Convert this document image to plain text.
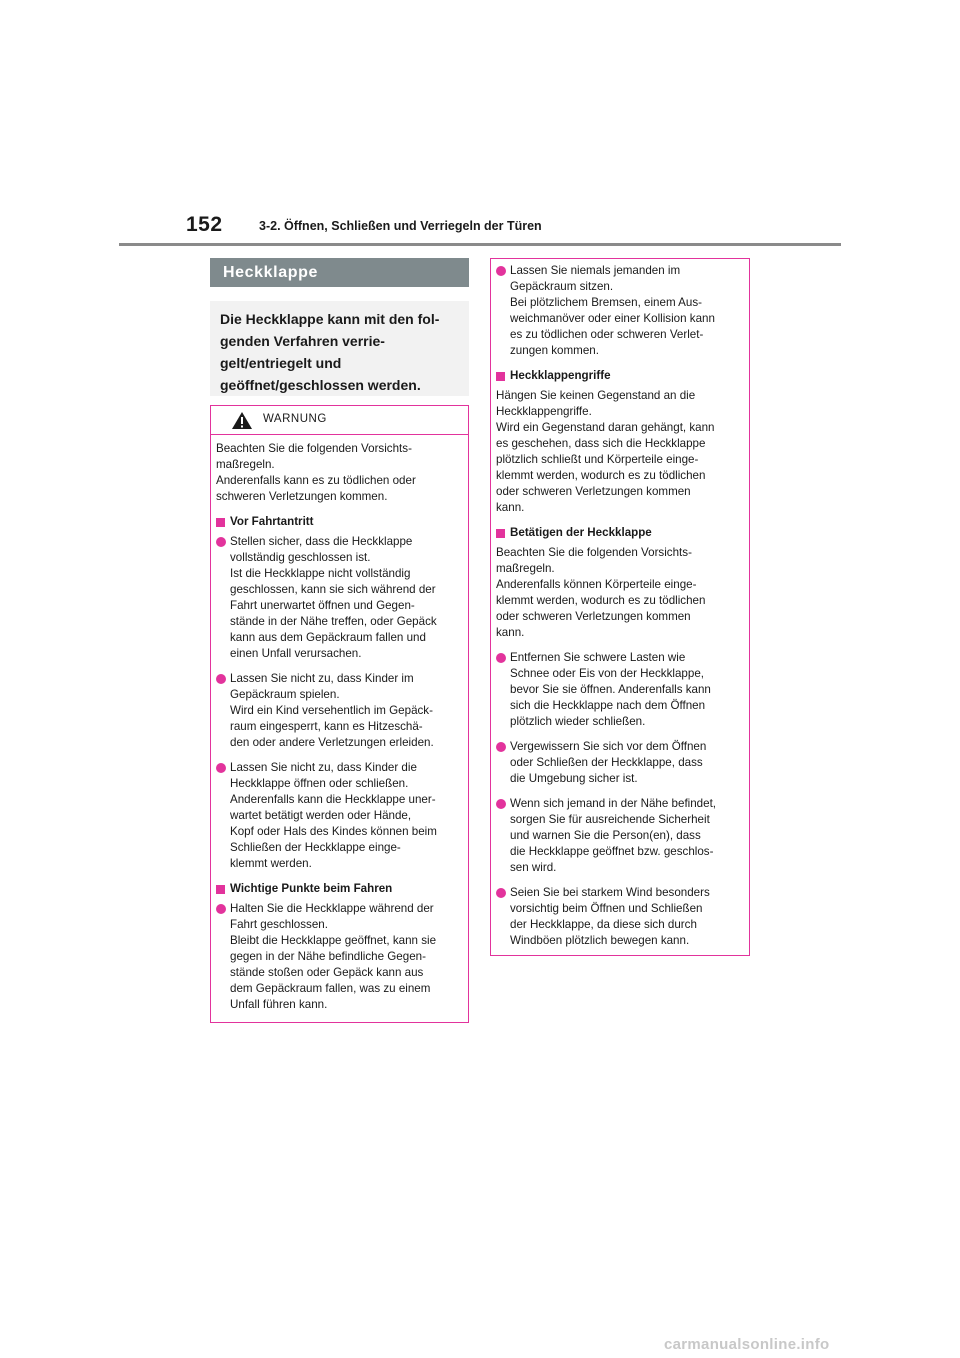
152	3-2. Öffnen, Schließen und Verriegeln der Türen
Heckklappe
Die Heckklappe kann mit den fol-
genden Verfahren verrie-
gelt/entriegelt und
geöffnet/geschlossen werden.
WARNUNG
Beachten Sie die folgenden Vorsichts-
maßregeln.
Anderenfalls kann es zu tödlichen oder
schweren Verletzungen kommen.
Vor Fahrtantritt
Stellen sicher, dass die Heckklappe
vollständig geschlossen ist.
Ist die Heckklappe nicht vollständig
geschlossen, kann sie sich während der
Fahrt unerwartet öffnen und Gegen-
stände in der Nähe treffen, oder Gepäck
kann aus dem Gepäckraum fallen und
einen Unfall verursachen.
Lassen Sie nicht zu, dass Kinder im
Gepäckraum spielen.
Wird ein Kind versehentlich im Gepäck-
raum eingesperrt, kann es Hitzeschä-
den oder andere Verletzungen erleiden.
Lassen Sie nicht zu, dass Kinder die
Heckklappe öffnen oder schließen.
Anderenfalls kann die Heckklappe uner-
wartet betätigt werden oder Hände,
Kopf oder Hals des Kindes können beim
Schließen der Heckklappe einge-
klemmt werden.
Wichtige Punkte beim Fahren
Halten Sie die Heckklappe während der
Fahrt geschlossen.
Bleibt die Heckklappe geöffnet, kann sie
gegen in der Nähe befindliche Gegen-
stände stoßen oder Gepäck kann aus
dem Gepäckraum fallen, was zu einem
Unfall führen kann.
Lassen Sie niemals jemanden im
Gepäckraum sitzen.
Bei plötzlichem Bremsen, einem Aus-
weichmanöver oder einer Kollision kann
es zu tödlichen oder schweren Verlet-
zungen kommen.
Heckklappengriffe
Hängen Sie keinen Gegenstand an die
Heckklappengriffe.
Wird ein Gegenstand daran gehängt, kann
es geschehen, dass sich die Heckklappe
plötzlich schließt und Körperteile einge-
klemmt werden, wodurch es zu tödlichen
oder schweren Verletzungen kommen
kann.
Betätigen der Heckklappe
Beachten Sie die folgenden Vorsichts-
maßregeln.
Anderenfalls können Körperteile einge-
klemmt werden, wodurch es zu tödlichen
oder schweren Verletzungen kommen
kann.
Entfernen Sie schwere Lasten wie
Schnee oder Eis von der Heckklappe,
bevor Sie sie öffnen. Anderenfalls kann
sich die Heckklappe nach dem Öffnen
plötzlich wieder schließen.
Vergewissern Sie sich vor dem Öffnen
oder Schließen der Heckklappe, dass
die Umgebung sicher ist.
Wenn sich jemand in der Nähe befindet,
sorgen Sie für ausreichende Sicherheit
und warnen Sie die Person(en), dass
die Heckklappe geöffnet bzw. geschlos-
sen wird.
Seien Sie bei starkem Wind besonders
vorsichtig beim Öffnen und Schließen
der Heckklappe, da diese sich durch
Windböen plötzlich bewegen kann.
carmanualsonline.info
